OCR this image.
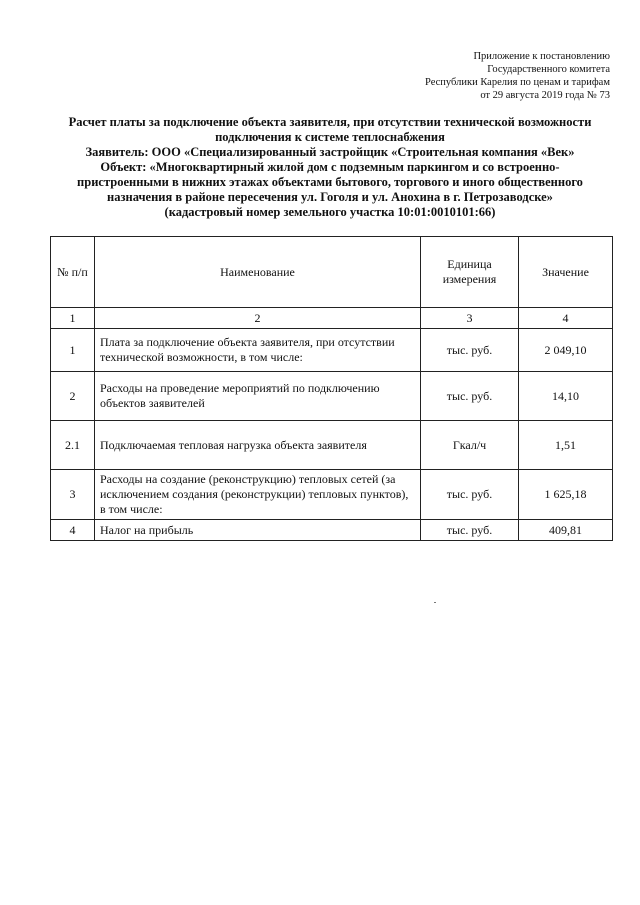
Приложение к постановлению
Государственного комитета
Республики Карелия по ценам и тарифам
от 29 августа 2019 года № 73
Расчет платы за подключение объекта заявителя, при отсутствии технической возможности
подключения к системе теплоснабжения
Заявитель: ООО «Специализированный застройщик «Строительная компания «Век»
Объект: «Многоквартирный жилой дом с подземным паркингом и со встроенно-
пристроенными в нижних этажах объектами бытового, торгового и иного общественного
назначения в районе пересечения ул. Гоголя и ул. Анохина в г. Петрозаводске»
(кадастровый номер земельного участка 10:01:0010101:66)
№ п/п	Наименование	Единица измерения	Значение
1	2	3	4
1	Плата за подключение объекта заявителя, при отсутствии технической возможности, в том числе:	тыс. руб.	2 049,10
2	Расходы на проведение мероприятий по подключению объектов заявителей	тыс. руб.	14,10
2.1	Подключаемая тепловая нагрузка объекта заявителя	Гкал/ч	1,51
3	Расходы на создание (реконструкцию) тепловых сетей (за исключением создания (реконструкции) тепловых пунктов), в том числе:	тыс. руб.	1 625,18
4	Налог на прибыль	тыс. руб.	409,81
